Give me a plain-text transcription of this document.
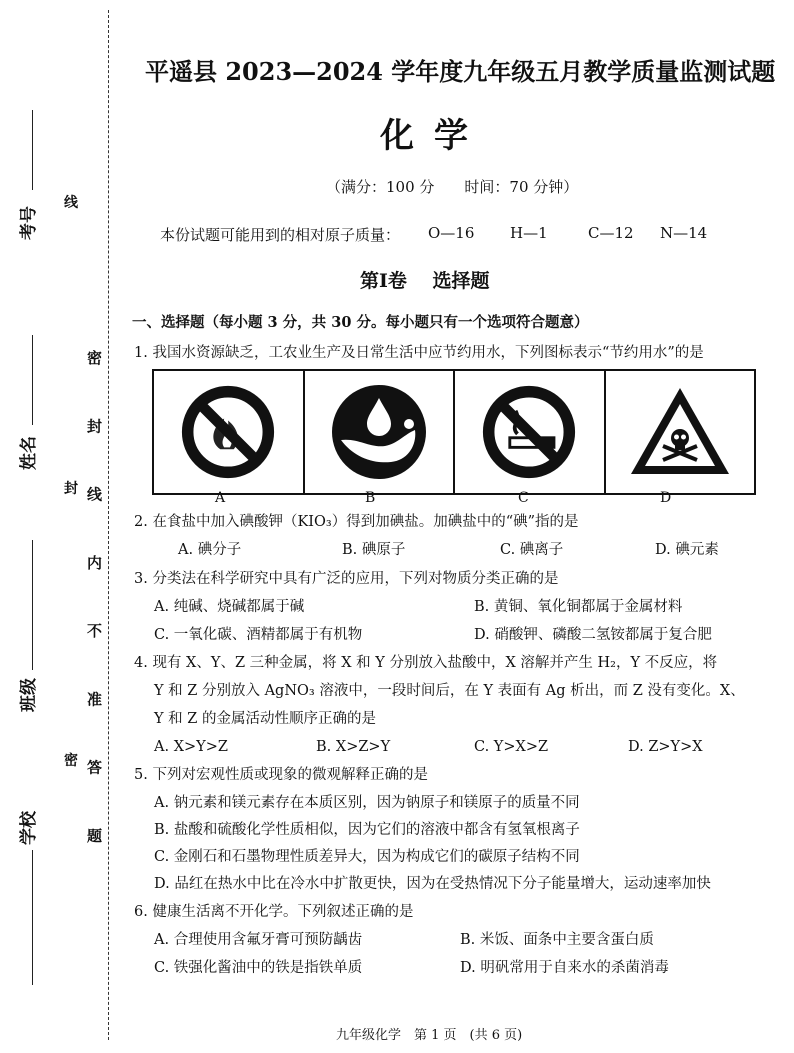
考号
姓名
班级
学校
线
封
密 密 封 线 内 不 准 答 题
平遥县 2023—2024 学年度九年级五月教学质量监测试题
化学
（满分：100 分　　时间：70 分钟）
本份试题可能用到的相对原子质量： O—16 H—1	C—12 N—14
第Ⅰ卷　 选择题
一、选择题（每小题 3 分，共 30 分。每小题只有一个选项符合题意）
1. 我国水资源缺乏，工农业生产及日常生活中应节约用水，下列图标表示“节约用水”的是
A	B	C	D
2. 在食盐中加入碘酸钾（KIO₃）得到加碘盐。加碘盐中的“碘”指的是
A. 碘分子	B. 碘原子	C. 碘离子	D. 碘元素
3. 分类法在科学研究中具有广泛的应用，下列对物质分类正确的是
A. 纯碱、烧碱都属于碱	B. 黄铜、氧化铜都属于金属材料
C. 一氧化碳、酒精都属于有机物	D. 硝酸钾、磷酸二氢铵都属于复合肥
4. 现有 X、Y、Z 三种金属，将 X 和 Y 分别放入盐酸中，X 溶解并产生 H₂，Y 不反应，将
Y 和 Z 分别放入 AgNO₃ 溶液中，一段时间后，在 Y 表面有 Ag 析出，而 Z 没有变化。X、
Y 和 Z 的金属活动性顺序正确的是
A. X>Y>Z	B. X>Z>Y	C. Y>X>Z	D. Z>Y>X
5. 下列对宏观性质或现象的微观解释正确的是
A. 钠元素和镁元素存在本质区别，因为钠原子和镁原子的质量不同
B. 盐酸和硫酸化学性质相似，因为它们的溶液中都含有氢氧根离子
C. 金刚石和石墨物理性质差异大，因为构成它们的碳原子结构不同
D. 品红在热水中比在冷水中扩散更快，因为在受热情况下分子能量增大，运动速率加快
6. 健康生活离不开化学。下列叙述正确的是
A. 合理使用含氟牙膏可预防龋齿	B. 米饭、面条中主要含蛋白质
C. 铁强化酱油中的铁是指铁单质	D. 明矾常用于自来水的杀菌消毒
九年级化学　第 1 页　(共 6 页)
